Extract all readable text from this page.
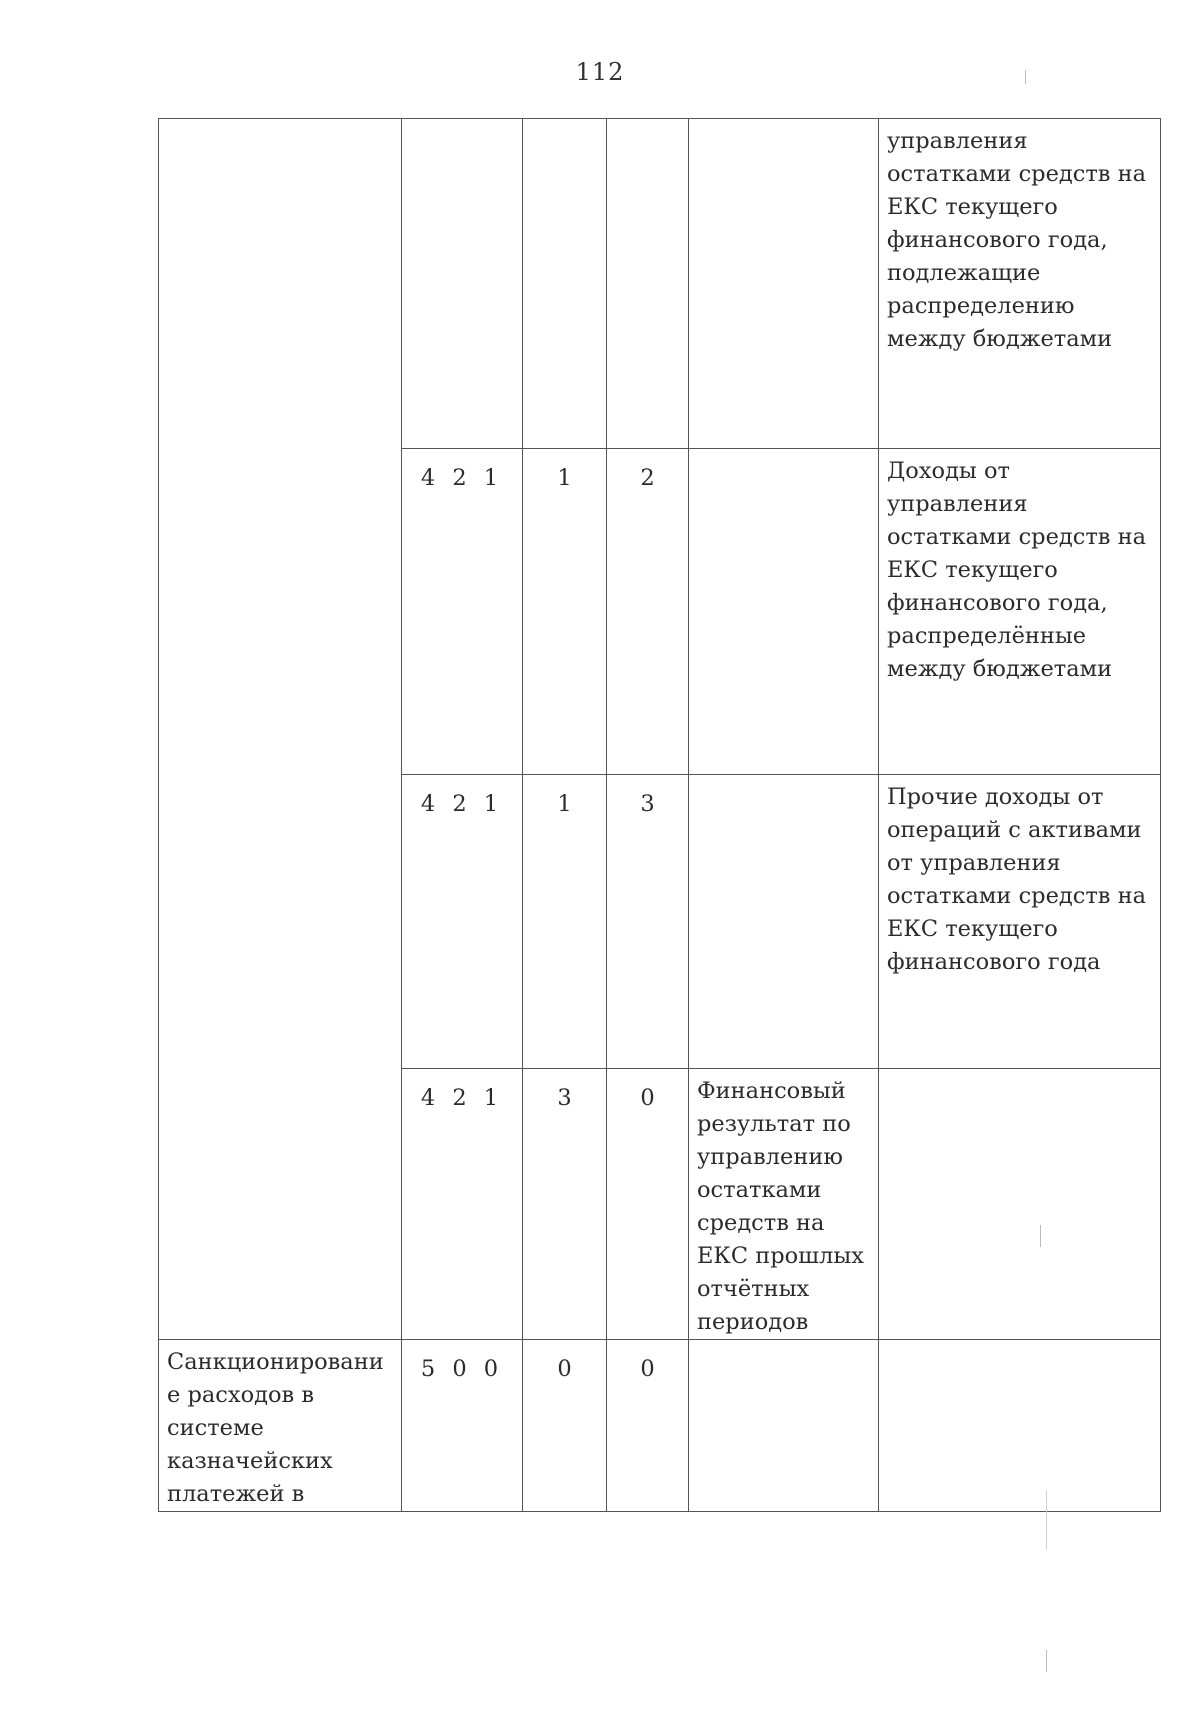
112

					управления остатками средств на ЕКС текущего финансового года, подлежащие распределению между бюджетами

	4 2 1	1	2		Доходы от управления остатками средств на ЕКС текущего финансового года, распределённые между бюджетами

	4 2 1	1	3		Прочие доходы от операций с активами от управления остатками средств на ЕКС текущего финансового года

	4 2 1	3	0	Финансовый результат по управлению остатками средств на ЕКС прошлых отчётных периодов	

Санкционирование расходов в системе казначейских платежей в	5 0 0	0	0		
